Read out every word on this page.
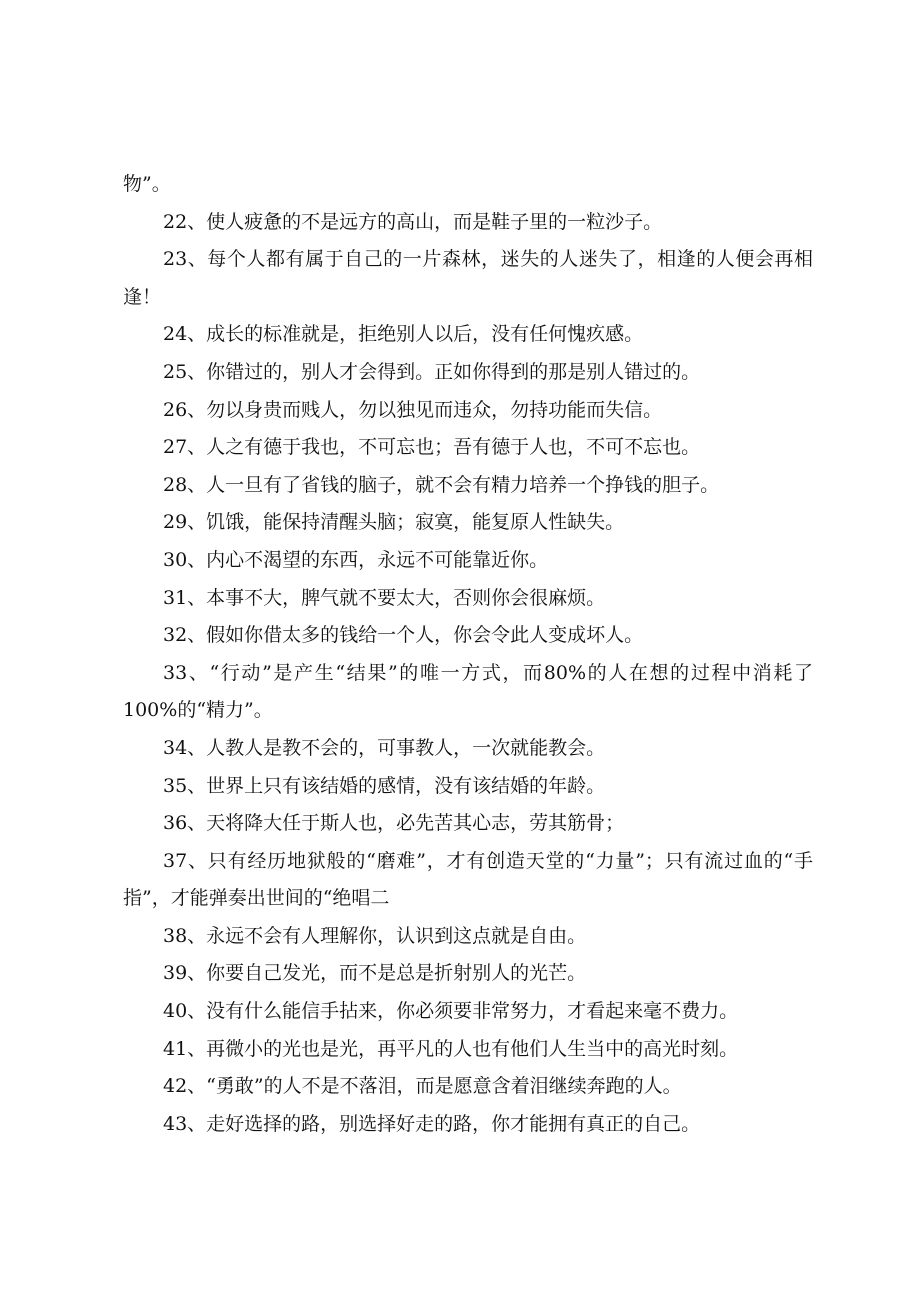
物”。

22、使人疲惫的不是远方的高山，而是鞋子里的一粒沙子。

23、每个人都有属于自己的一片森林，迷失的人迷失了，相逢的人便会再相逢！

24、成长的标准就是，拒绝别人以后，没有任何愧疚感。

25、你错过的，别人才会得到。正如你得到的那是别人错过的。

26、勿以身贵而贱人，勿以独见而违众，勿持功能而失信。

27、人之有德于我也，不可忘也；吾有德于人也，不可不忘也。

28、人一旦有了省钱的脑子，就不会有精力培养一个挣钱的胆子。

29、饥饿，能保持清醒头脑；寂寞，能复原人性缺失。

30、内心不渴望的东西，永远不可能靠近你。

31、本事不大，脾气就不要太大，否则你会很麻烦。

32、假如你借太多的钱给一个人，你会令此人变成坏人。

33、“行动”是产生“结果”的唯一方式，而80%的人在想的过程中消耗了100%的“精力”。

34、人教人是教不会的，可事教人，一次就能教会。

35、世界上只有该结婚的感情，没有该结婚的年龄。

36、天将降大任于斯人也，必先苦其心志，劳其筋骨；

37、只有经历地狱般的“磨难”，才有创造天堂的“力量”；只有流过血的“手指”，才能弹奏出世间的“绝唱二

38、永远不会有人理解你，认识到这点就是自由。

39、你要自己发光，而不是总是折射别人的光芒。

40、没有什么能信手拈来，你必须要非常努力，才看起来毫不费力。

41、再微小的光也是光，再平凡的人也有他们人生当中的高光时刻。

42、“勇敢”的人不是不落泪，而是愿意含着泪继续奔跑的人。

43、走好选择的路，别选择好走的路，你才能拥有真正的自己。
